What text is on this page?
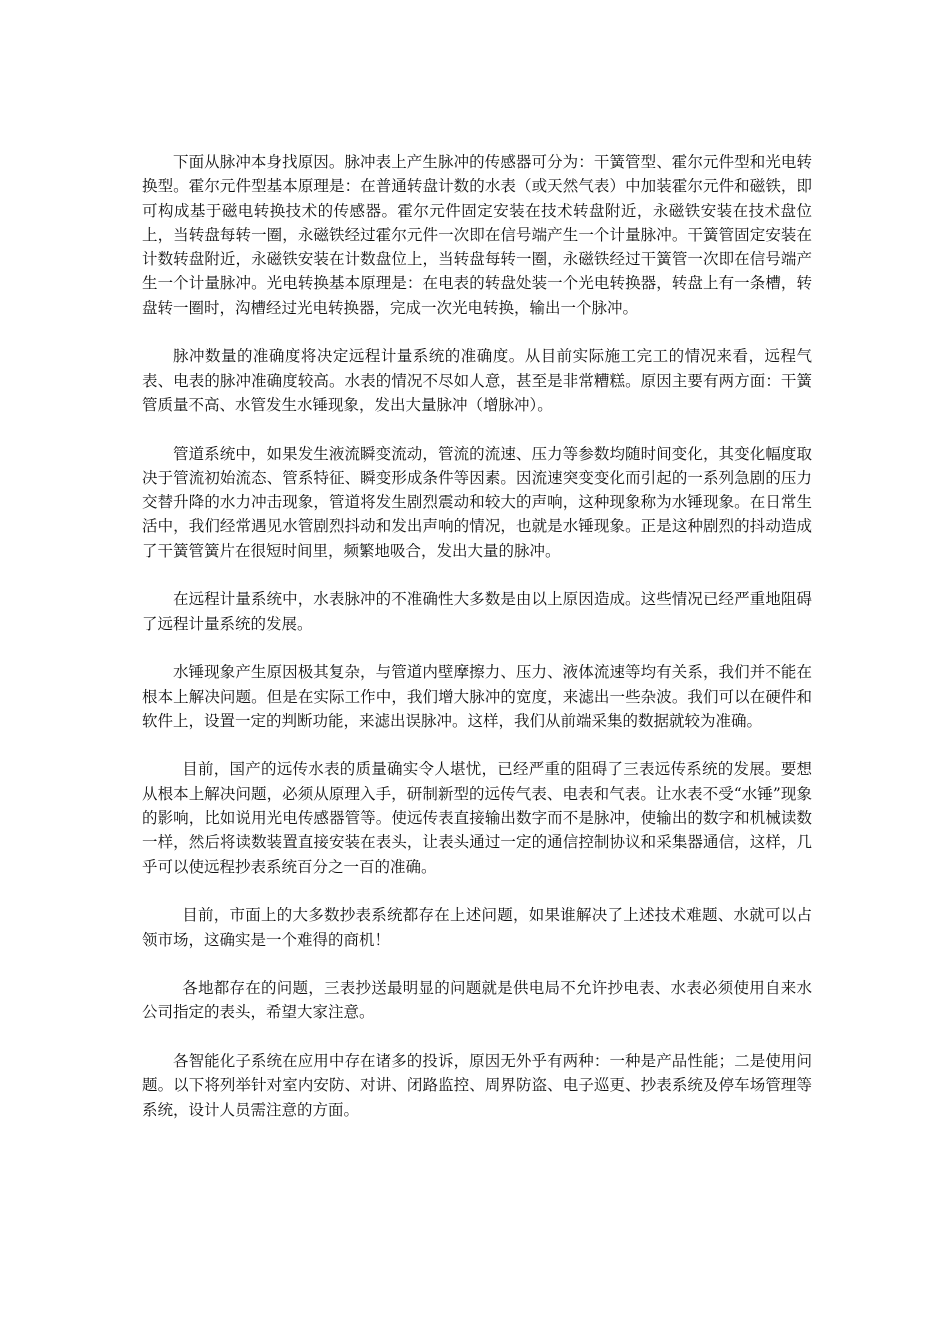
下面从脉冲本身找原因。脉冲表上产生脉冲的传感器可分为：干簧管型、霍尔元件型和光电转换型。霍尔元件型基本原理是：在普通转盘计数的水表（或天然气表）中加装霍尔元件和磁铁，即可构成基于磁电转换技术的传感器。霍尔元件固定安装在技术转盘附近，永磁铁安装在技术盘位上，当转盘每转一圈，永磁铁经过霍尔元件一次即在信号端产生一个计量脉冲。干簧管固定安装在计数转盘附近，永磁铁安装在计数盘位上，当转盘每转一圈，永磁铁经过干簧管一次即在信号端产生一个计量脉冲。光电转换基本原理是：在电表的转盘处装一个光电转换器，转盘上有一条槽，转盘转一圈时，沟槽经过光电转换器，完成一次光电转换，输出一个脉冲。

脉冲数量的准确度将决定远程计量系统的准确度。从目前实际施工完工的情况来看，远程气表、电表的脉冲准确度较高。水表的情况不尽如人意，甚至是非常糟糕。原因主要有两方面：干簧管质量不高、水管发生水锤现象，发出大量脉冲（增脉冲）。

管道系统中，如果发生液流瞬变流动，管流的流速、压力等参数均随时间变化，其变化幅度取决于管流初始流态、管系特征、瞬变形成条件等因素。因流速突变变化而引起的一系列急剧的压力交替升降的水力冲击现象，管道将发生剧烈震动和较大的声响，这种现象称为水锤现象。在日常生活中，我们经常遇见水管剧烈抖动和发出声响的情况，也就是水锤现象。正是这种剧烈的抖动造成了干簧管簧片在很短时间里，频繁地吸合，发出大量的脉冲。

在远程计量系统中，水表脉冲的不准确性大多数是由以上原因造成。这些情况已经严重地阻碍了远程计量系统的发展。

水锤现象产生原因极其复杂，与管道内壁摩擦力、压力、液体流速等均有关系，我们并不能在根本上解决问题。但是在实际工作中，我们增大脉冲的宽度，来滤出一些杂波。我们可以在硬件和软件上，设置一定的判断功能，来滤出误脉冲。这样，我们从前端采集的数据就较为准确。

目前，国产的远传水表的质量确实令人堪忧，已经严重的阻碍了三表远传系统的发展。要想从根本上解决问题，必须从原理入手，研制新型的远传气表、电表和气表。让水表不受“水锤”现象的影响，比如说用光电传感器管等。使远传表直接输出数字而不是脉冲，使输出的数字和机械读数一样，然后将读数装置直接安装在表头，让表头通过一定的通信控制协议和采集器通信，这样，几乎可以使远程抄表系统百分之一百的准确。

目前，市面上的大多数抄表系统都存在上述问题，如果谁解决了上述技术难题、水就可以占领市场，这确实是一个难得的商机！

各地都存在的问题，三表抄送最明显的问题就是供电局不允许抄电表、水表必须使用自来水公司指定的表头，希望大家注意。

各智能化子系统在应用中存在诸多的投诉，原因无外乎有两种：一种是产品性能；二是使用问题。以下将列举针对室内安防、对讲、闭路监控、周界防盗、电子巡更、抄表系统及停车场管理等系统，设计人员需注意的方面。
